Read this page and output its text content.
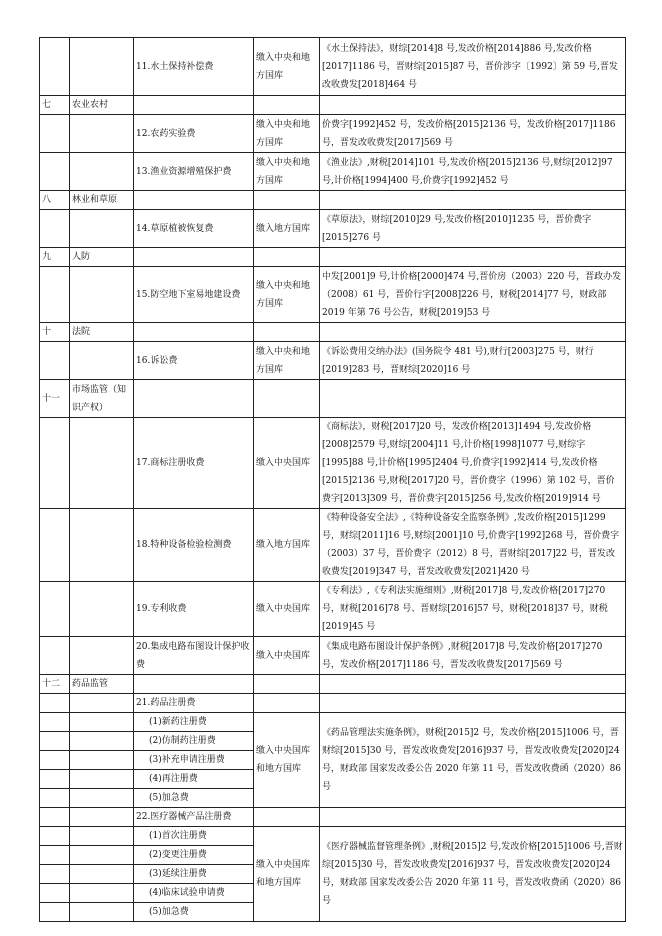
		11.水土保持补偿费	缴入中央和地方国库	《水土保持法》，财综[2014]8 号,发改价格[2014]886 号,发改价格[2017]1186 号，晋财综[2015]87 号，晋价涉字〔1992〕第 59 号,晋发改收费发[2018]464 号
七	农业农村			
		12.农药实验费	缴入中央和地方国库	价费字[1992]452 号，发改价格[2015]2136 号，发改价格[2017]1186 号，晋发改收费发[2017]569 号
		13.渔业资源增殖保护费	缴入中央和地方国库	《渔业法》,财税[2014]101 号,发改价格[2015]2136 号,财综[2012]97 号,计价格[1994]400 号,价费字[1992]452 号
八	林业和草原			
		14.草原植被恢复费	缴入地方国库	《草原法》，财综[2010]29 号,发改价格[2010]1235 号，晋价费字[2015]276 号
九	人防			
		15.防空地下室易地建设费	缴入中央和地方国库	中发[2001]9 号,计价格[2000]474 号,晋价房（2003）220 号，晋政办发（2008）61 号，晋价行字[2008]226 号，财税[2014]77 号，财政部 2019 年第 76 号公告，财税[2019]53 号
十	法院			
		16.诉讼费	缴入中央和地方国库	《诉讼费用交纳办法》(国务院令 481 号),财行[2003]275 号，财行[2019]283 号，晋财综[2020]16 号
十一	市场监管（知识产权）			
		17.商标注册收费	缴入中央国库	《商标法》，财税[2017]20 号，发改价格[2013]1494 号,发改价格[2008]2579 号,财综[2004]11 号,计价格[1998]1077 号,财综字[1995]88 号,计价格[1995]2404 号,价费字[1992]414 号,发改价格[2015]2136 号,财税[2017]20 号，晋价费字（1996）第 102 号，晋价费字[2013]309 号，晋价费字[2015]256 号,发改价格[2019]914 号
		18.特种设备检验检测费	缴入地方国库	《特种设备安全法》,《特种设备安全监察条例》,发改价格[2015]1299 号，财综[2011]16 号,财综[2001]10 号,价费字[1992]268 号，晋价费字（2003）37 号，晋价费字（2012）8 号，晋财综[2017]22 号，晋发改收费发[2019]347 号，晋发改收费发[2021]420 号
		19.专利收费	缴入中央国库	《专利法》,《专利法实施细则》,财税[2017]8 号,发改价格[2017]270 号，财税[2016]78 号、晋财综[2016]57 号，财税[2018]37 号，财税[2019]45 号
		20.集成电路布图设计保护收费	缴入中央国库	《集成电路布图设计保护条例》,财税[2017]8 号,发改价格[2017]270 号，发改价格[2017]1186 号，晋发改收费发[2017]569 号
十二	药品监管			
		21.药品注册费		
		(1)新药注册费	缴入中央国库和地方国库	《药品管理法实施条例》，财税[2015]2 号，发改价格[2015]1006 号，晋财综[2015]30 号，晋发改收费发[2016]937 号，晋发改收费发[2020]24 号，财政部 国家发改委公告 2020 年第 11 号，晋发改收费函（2020）86 号
		(2)仿制药注册费		
		(3)补充申请注册费		
		(4)再注册费		
		(5)加急费		
		22.医疗器械产品注册费		
		(1)首次注册费	缴入中央国库和地方国库	《医疗器械监督管理条例》,财税[2015]2 号,发改价格[2015]1006 号,晋财综[2015]30 号，晋发改收费发[2016]937 号，晋发改收费发[2020]24 号，财政部 国家发改委公告 2020 年第 11 号，晋发改收费函（2020）86 号
		(2)变更注册费		
		(3)延续注册费		
		(4)临床试验申请费		
		(5)加急费		
